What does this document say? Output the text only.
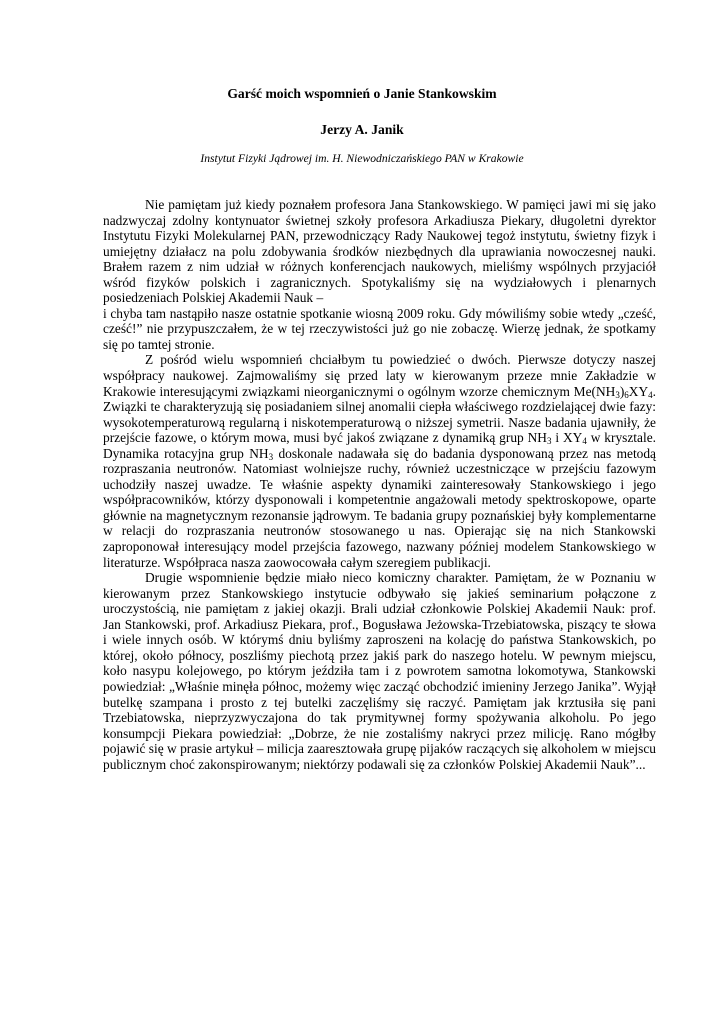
Garść moich wspomnień o Janie Stankowskim
Jerzy A. Janik

Instytut Fizyki Jądrowej im. H. Niewodniczańskiego PAN w Krakowie

Nie pamiętam już kiedy poznałem profesora Jana Stankowskiego. W pamięci jawi mi się jako nadzwyczaj zdolny kontynuator świetnej szkoły profesora Arkadiusza Piekary, długoletni dyrektor Instytutu Fizyki Molekularnej PAN, przewodniczący Rady Naukowej tegoż instytutu, świetny fizyk i umiejętny działacz na polu zdobywania środków niezbędnych dla uprawiania nowoczesnej nauki. Brałem razem z nim udział w różnych konferencjach naukowych, mieliśmy wspólnych przyjaciół wśród fizyków polskich i zagranicznych. Spotykaliśmy się na wydziałowych i plenarnych posiedzeniach Polskiej Akademii Nauk –

i chyba tam nastąpiło nasze ostatnie spotkanie wiosną 2009 roku. Gdy mówiliśmy sobie wtedy „cześć, cześć!” nie przypuszczałem, że w tej rzeczywistości już go nie zobaczę. Wierzę jednak, że spotkamy się po tamtej stronie.

Z pośród wielu wspomnień chciałbym tu powiedzieć o dwóch. Pierwsze dotyczy naszej współpracy naukowej. Zajmowaliśmy się przed laty w kierowanym przeze mnie Zakładzie w Krakowie interesującymi związkami nieorganicznymi o ogólnym wzorze chemicznym $Me(NH_3)_6XY_4$. Związki te charakteryzują się posiadaniem silnej anomalii ciepła właściwego rozdzielającej dwie fazy: wysokotemperaturową regularną i niskotemperaturową o niższej symetrii. Nasze badania ujawniły, że przejście fazowe, o którym mowa, musi być jakoś związane z dynamiką grup $NH_3$ i $XY_4$ w krysztale. Dynamika rotacyjna grup $NH_3$ doskonale nadawała się do badania dysponowaną przez nas metodą rozpraszania neutronów. Natomiast wolniejsze ruchy, również uczestniczące w przejściu fazowym uchodziły naszej uwadze. Te właśnie aspekty dynamiki zainteresowały Stankowskiego i jego współpracowników, którzy dysponowali i kompetentnie angażowali metody spektroskopowe, oparte głównie na magnetycznym rezonansie jądrowym. Te badania grupy poznańskiej były komplementarne w relacji do rozpraszania neutronów stosowanego u nas. Opierając się na nich Stankowski zaproponował interesujący model przejścia fazowego, nazwany później modelem Stankowskiego w literaturze. Współpraca nasza zaowocowała całym szeregiem publikacji.

Drugie wspomnienie będzie miało nieco komiczny charakter. Pamiętam, że w Poznaniu w kierowanym przez Stankowskiego instytucie odbywało się jakieś seminarium połączone z uroczystością, nie pamiętam z jakiej okazji. Brali udział członkowie Polskiej Akademii Nauk: prof. Jan Stankowski, prof. Arkadiusz Piekara, prof., Bogusława Jeżowska-Trzebiatowska, piszący te słowa i wiele innych osób. W którymś dniu byliśmy zaproszeni na kolację do państwa Stankowskich, po której, około północy, poszliśmy piechotą przez jakiś park do naszego hotelu. W pewnym miejscu, koło nasypu kolejowego, po którym jeździła tam i z powrotem samotna lokomotywa, Stankowski powiedział: „Właśnie minęła północ, możemy więc zacząć obchodzić imieniny Jerzego Janika”. Wyjął butelkę szampana i prosto z tej butelki zaczęliśmy się raczyć. Pamiętam jak krztusiła się pani Trzebiatowska, nieprzyzwyczajona do tak prymitywnej formy spożywania alkoholu. Po jego konsumpcji Piekara powiedział: „Dobrze, że nie zostaliśmy nakryci przez milicję. Rano mógłby pojawić się w prasie artykuł – milicja zaaresztowała grupę pijaków raczących się alkoholem w miejscu publicznym choć zakonspirowanym; niektórzy podawali się za członków Polskiej Akademii Nauk”...
